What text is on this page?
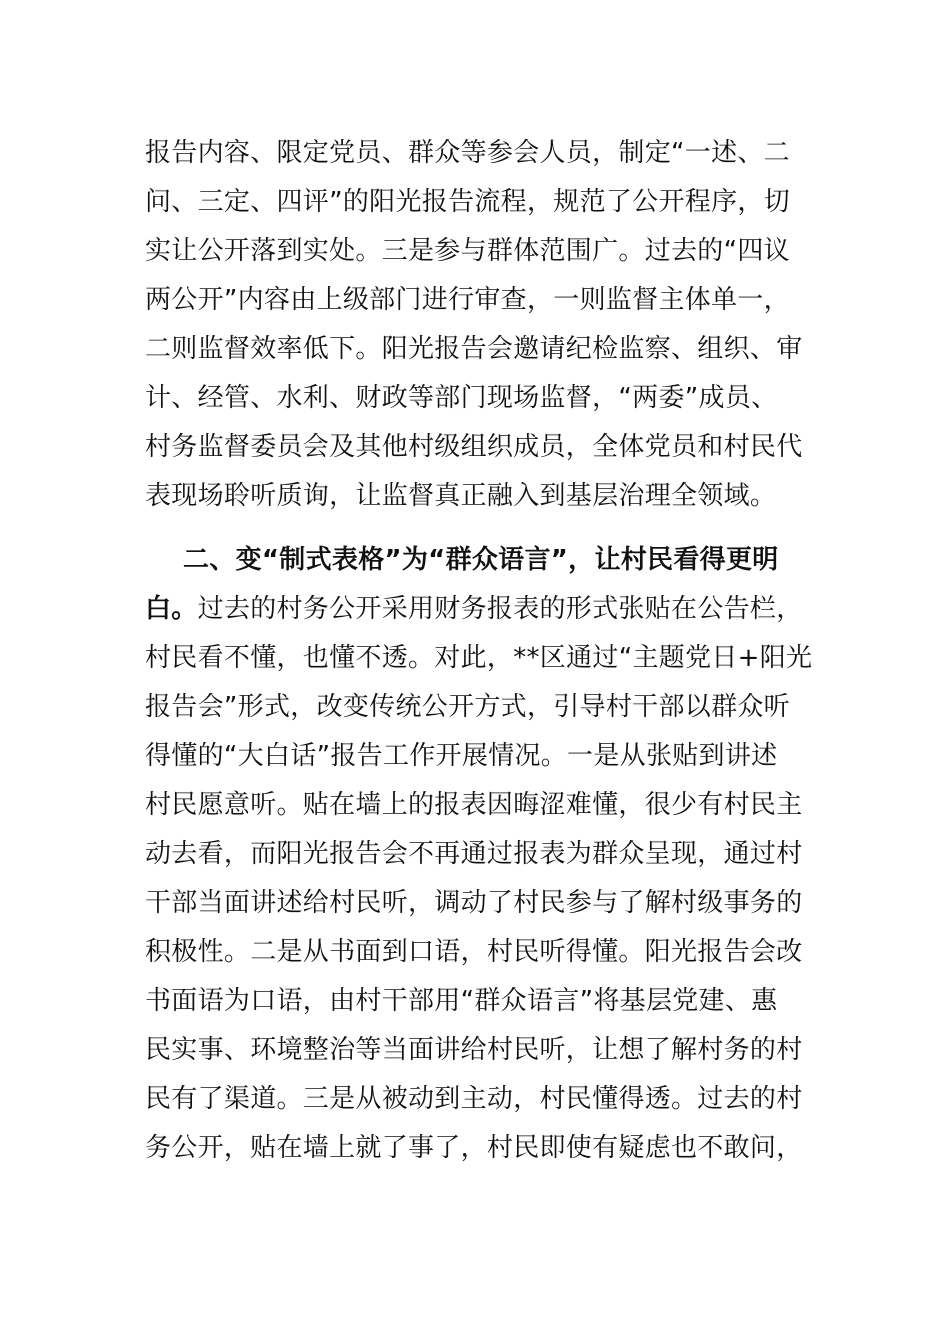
报告内容、限定党员、群众等参会人员，制定“一述、二
问、三定、四评”的阳光报告流程，规范了公开程序，切
实让公开落到实处。三是参与群体范围广。过去的“四议
两公开”内容由上级部门进行审查，一则监督主体单一，
二则监督效率低下。阳光报告会邀请纪检监察、组织、审
计、经管、水利、财政等部门现场监督，“两委”成员、
村务监督委员会及其他村级组织成员，全体党员和村民代
表现场聆听质询，让监督真正融入到基层治理全领域。
二、变“制式表格”为“群众语言”，让村民看得更明
白。过去的村务公开采用财务报表的形式张贴在公告栏，
村民看不懂，也懂不透。对此，**区通过“主题党日+阳光
报告会”形式，改变传统公开方式，引导村干部以群众听
得懂的“大白话”报告工作开展情况。一是从张贴到讲述
村民愿意听。贴在墙上的报表因晦涩难懂，很少有村民主
动去看，而阳光报告会不再通过报表为群众呈现，通过村
干部当面讲述给村民听，调动了村民参与了解村级事务的
积极性。二是从书面到口语，村民听得懂。阳光报告会改
书面语为口语，由村干部用“群众语言”将基层党建、惠
民实事、环境整治等当面讲给村民听，让想了解村务的村
民有了渠道。三是从被动到主动，村民懂得透。过去的村
务公开，贴在墙上就了事了，村民即使有疑虑也不敢问，
